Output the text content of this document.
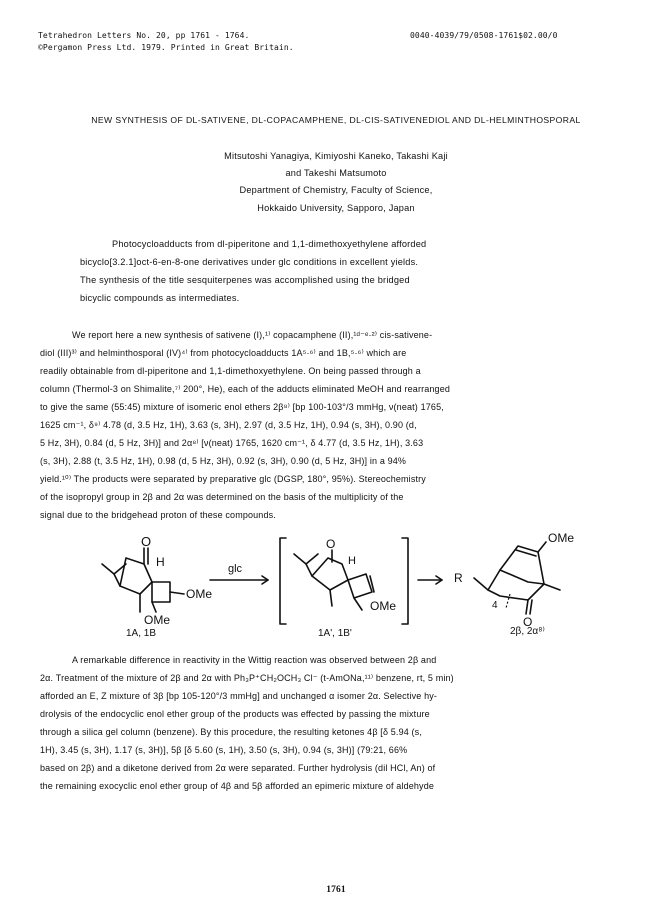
Tetrahedron Letters No. 20, pp 1761 - 1764.
©Pergamon Press Ltd. 1979. Printed in Great Britain.
0040-4039/79/0508-1761$02.00/0
NEW SYNTHESIS OF DL-SATIVENE, DL-COPACAMPHENE, DL-CIS-SATIVENEDIOL AND DL-HELMINTHOSPORAL
Mitsutoshi Yanagiya, Kimiyoshi Kaneko, Takashi Kaji
and Takeshi Matsumoto
Department of Chemistry, Faculty of Science,
Hokkaido University, Sapporo, Japan
Photocycloadducts from dl-piperitone and 1,1-dimethoxyethylene afforded
bicyclo[3.2.1]oct-6-en-8-one derivatives under glc conditions in excellent yields.
The synthesis of the title sesquiterpenes was accomplished using the bridged
bicyclic compounds as intermediates.
We report here a new synthesis of sativene (I),¹⁾ copacamphene (II),¹ᵈ⁻ᵉ·²⁾ cis-sativene-
diol (III)³⁾ and helminthosporal (IV)⁴⁾ from photocycloadducts 1A⁵·⁶⁾ and 1B,⁵·⁶⁾ which are
readily obtainable from dl-piperitone and 1,1-dimethoxyethylene. On being passed through a
column (Thermol-3 on Shimalite,⁷⁾ 200°, He), each of the adducts eliminated MeOH and rearranged
to give the same (55:45) mixture of isomeric enol ethers 2β⁸⁾ [bp 100-103°/3 mmHg, ν(neat) 1765,
1625 cm⁻¹, δ⁹⁾ 4.78 (d, 3.5 Hz, 1H), 3.63 (s, 3H), 2.97 (d, 3.5 Hz, 1H), 0.94 (s, 3H), 0.90 (d,
5 Hz, 3H), 0.84 (d, 5 Hz, 3H)] and 2α⁸⁾ [ν(neat) 1765, 1620 cm⁻¹, δ 4.77 (d, 3.5 Hz, 1H), 3.63
(s, 3H), 2.88 (t, 3.5 Hz, 1H), 0.98 (d, 5 Hz, 3H), 0.92 (s, 3H), 0.90 (d, 5 Hz, 3H)] in a 94%
yield.¹⁰⁾ The products were separated by preparative glc (DGSP, 180°, 95%). Stereochemistry
of the isopropyl group in 2β and 2α was determined on the basis of the multiplicity of the
signal due to the bridgehead proton of these compounds.
O
H
OMe
OMe
glc
O
H
OMe
R
4
OMe
O
1A, 1B	1A', 1B'	2β, 2α⁸⁾
A remarkable difference in reactivity in the Wittig reaction was observed between 2β and
2α. Treatment of the mixture of 2β and 2α with Ph₃P⁺CH₂OCH₃ Cl⁻ (t-AmONa,¹¹⁾ benzene, rt, 5 min)
afforded an E, Z mixture of 3β [bp 105-120°/3 mmHg] and unchanged α isomer 2α. Selective hy-
drolysis of the endocyclic enol ether group of the products was effected by passing the mixture
through a silica gel column (benzene). By this procedure, the resulting ketones 4β [δ 5.94 (s,
1H), 3.45 (s, 3H), 1.17 (s, 3H)], 5β [δ 5.60 (s, 1H), 3.50 (s, 3H), 0.94 (s, 3H)] (79:21, 66%
based on 2β) and a diketone derived from 2α were separated. Further hydrolysis (dil HCl, An) of
the remaining exocyclic enol ether group of 4β and 5β afforded an epimeric mixture of aldehyde
1761
